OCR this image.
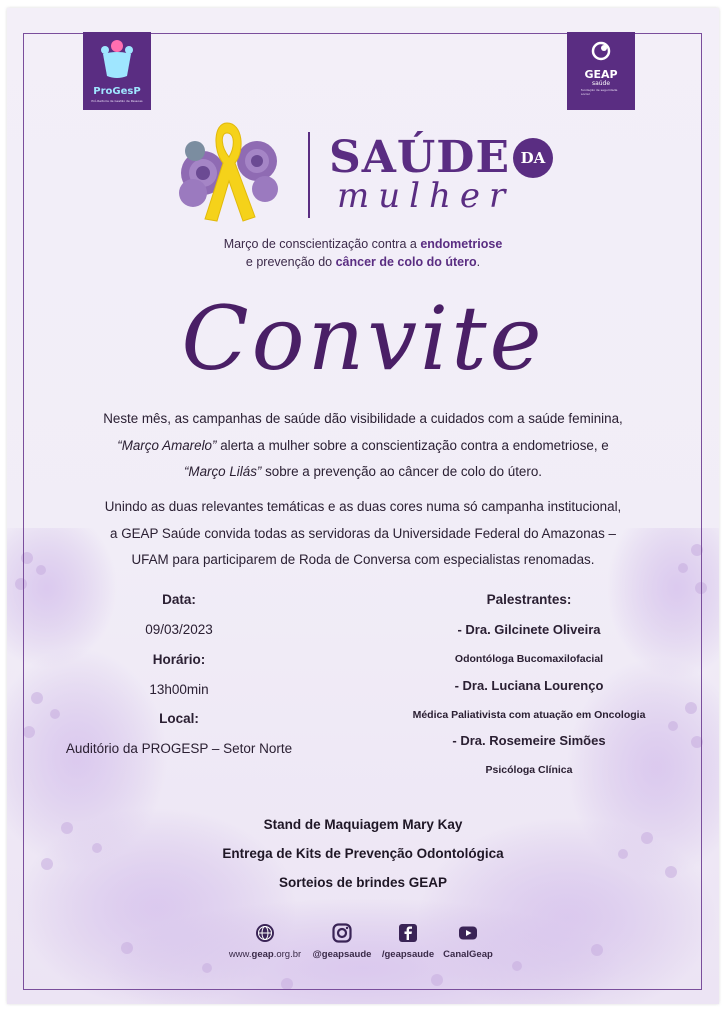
ProGesP
Pró-Reitoria de Gestão de Pessoas
GEAP
saúde
fundação de seguridade social
SAÚDE DA
mulher
Março de conscientização contra a endometriose
e prevenção do câncer de colo do útero.
Convite
Neste mês, as campanhas de saúde dão visibilidade a cuidados com a saúde feminina,
“Março Amarelo” alerta a mulher sobre a conscientização contra a endometriose, e
“Março Lilás” sobre a prevenção ao câncer de colo do útero.
Unindo as duas relevantes temáticas e as duas cores numa só campanha institucional,
a GEAP Saúde convida todas as servidoras da Universidade Federal do Amazonas –
UFAM para participarem de Roda de Conversa com especialistas renomadas.
Data:
09/03/2023
Horário:
13h00min
Local:
Auditório da PROGESP – Setor Norte
Palestrantes:
- Dra. Gilcinete Oliveira
Odontóloga Bucomaxilofacial
- Dra. Luciana Lourenço
Médica Paliativista com atuação em Oncologia
- Dra. Rosemeire Simões
Psicóloga Clínica
Stand de Maquiagem Mary Kay
Entrega de Kits de Prevenção Odontológica
Sorteios de brindes GEAP
www.geap.org.br	@geapsaude	/geapsaude CanalGeap
